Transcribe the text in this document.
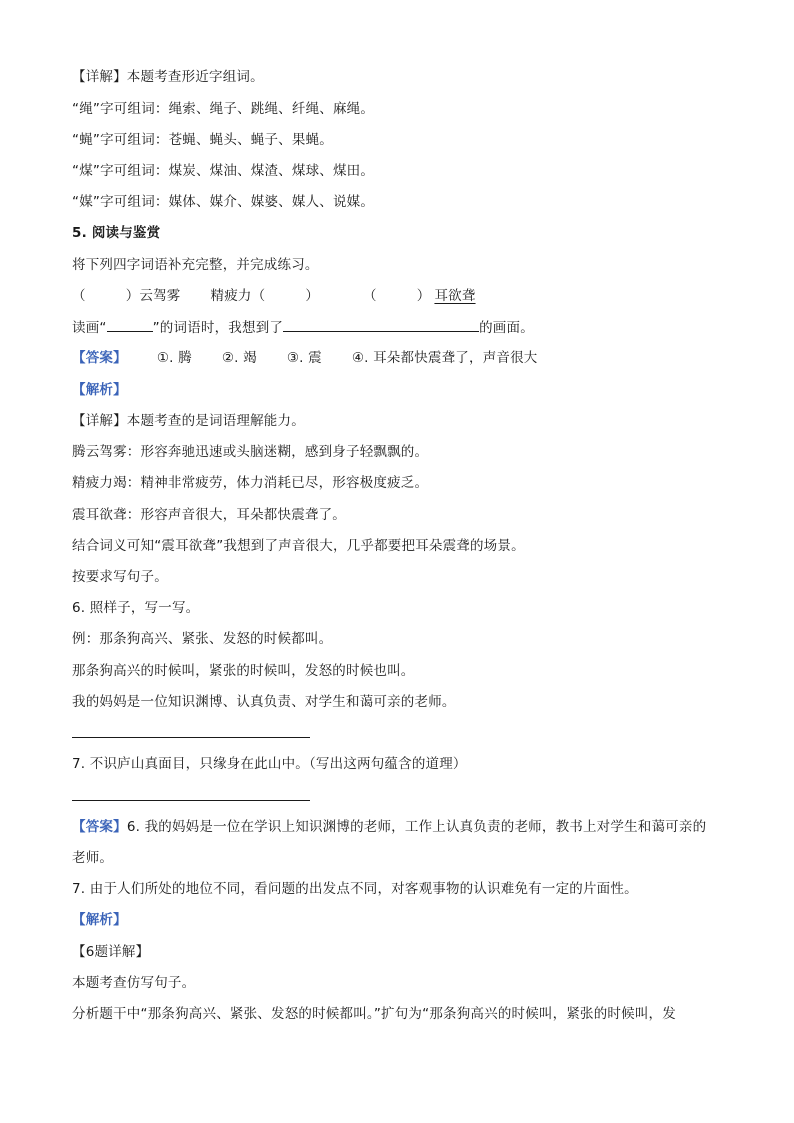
【详解】本题考查形近字组词。
“绳”字可组词：绳索、绳子、跳绳、纤绳、麻绳。
“蝇”字可组词：苍蝇、蝇头、蝇子、果蝇。
“煤”字可组词：煤炭、煤油、煤渣、煤球、煤田。
“媒”字可组词：媒体、媒介、媒婆、媒人、说媒。
5. 阅读与鉴赏
将下列四字词语补充完整，并完成练习。
（	）云驾雾 精疲力（	）	（	） 耳欲聋
读画“	”的词语时，我想到了	的画面。
【答案】 ①. 腾 ②. 竭 ③. 震 ④. 耳朵都快震聋了，声音很大
【解析】
【详解】本题考查的是词语理解能力。
腾云驾雾：形容奔驰迅速或头脑迷糊，感到身子轻飘飘的。
精疲力竭：精神非常疲劳，体力消耗已尽，形容极度疲乏。
震耳欲聋：形容声音很大，耳朵都快震聋了。
结合词义可知“震耳欲聋”我想到了声音很大，几乎都要把耳朵震聋的场景。
按要求写句子。
6. 照样子，写一写。
例：那条狗高兴、紧张、发怒的时候都叫。
那条狗高兴的时候叫，紧张的时候叫，发怒的时候也叫。
我的妈妈是一位知识渊博、认真负责、对学生和蔼可亲的老师。
7. 不识庐山真面目，只缘身在此山中。（写出这两句蕴含的道理）
【答案】6. 我的妈妈是一位在学识上知识渊博的老师，工作上认真负责的老师，教书上对学生和蔼可亲的
老师。
7. 由于人们所处的地位不同，看问题的出发点不同，对客观事物的认识难免有一定的片面性。
【解析】
【6题详解】
本题考查仿写句子。
分析题干中“那条狗高兴、紧张、发怒的时候都叫。”扩句为“那条狗高兴的时候叫，紧张的时候叫，发
